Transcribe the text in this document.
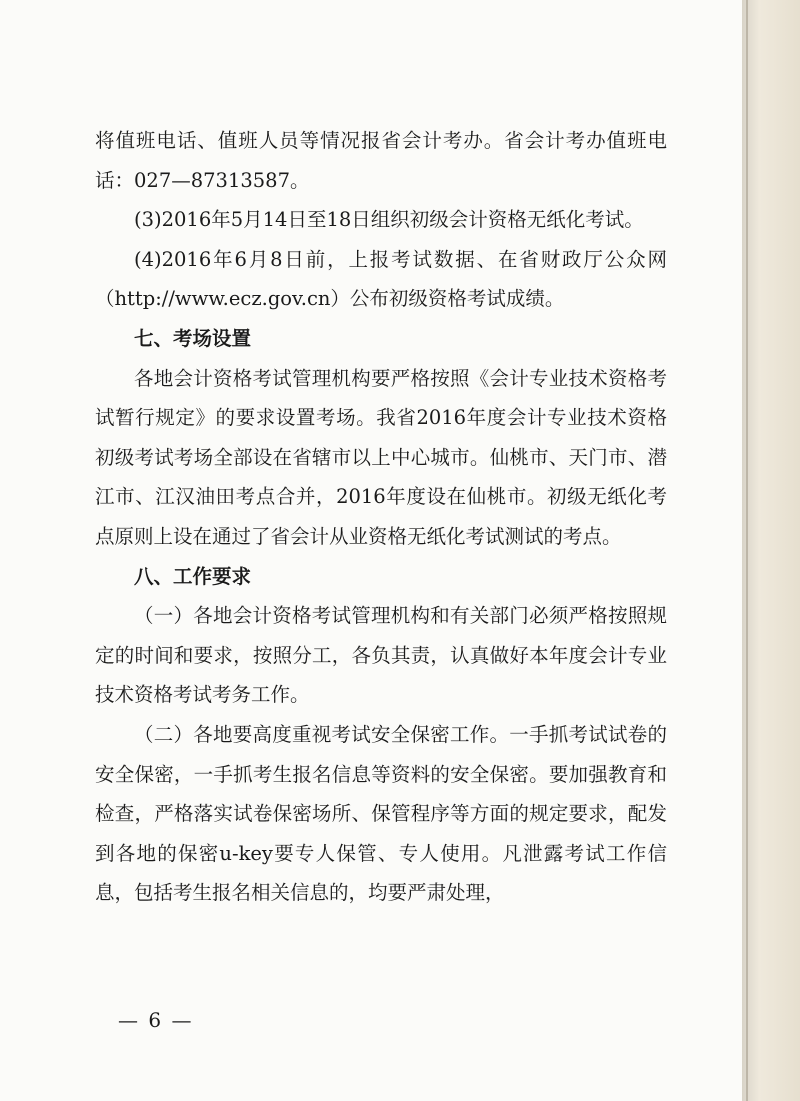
将值班电话、值班人员等情况报省会计考办。省会计考办值班电话：027—87313587。

(3)2016年5月14日至18日组织初级会计资格无纸化考试。

(4)2016年6月8日前，上报考试数据、在省财政厅公众网（http://www.ecz.gov.cn）公布初级资格考试成绩。

七、考场设置

各地会计资格考试管理机构要严格按照《会计专业技术资格考试暂行规定》的要求设置考场。我省2016年度会计专业技术资格初级考试考场全部设在省辖市以上中心城市。仙桃市、天门市、潜江市、江汉油田考点合并，2016年度设在仙桃市。初级无纸化考点原则上设在通过了省会计从业资格无纸化考试测试的考点。

八、工作要求

（一）各地会计资格考试管理机构和有关部门必须严格按照规定的时间和要求，按照分工，各负其责，认真做好本年度会计专业技术资格考试考务工作。

（二）各地要高度重视考试安全保密工作。一手抓考试试卷的安全保密，一手抓考生报名信息等资料的安全保密。要加强教育和检查，严格落实试卷保密场所、保管程序等方面的规定要求，配发到各地的保密u-key要专人保管、专人使用。凡泄露考试工作信息，包括考生报名相关信息的，均要严肃处理，

— 6 —
